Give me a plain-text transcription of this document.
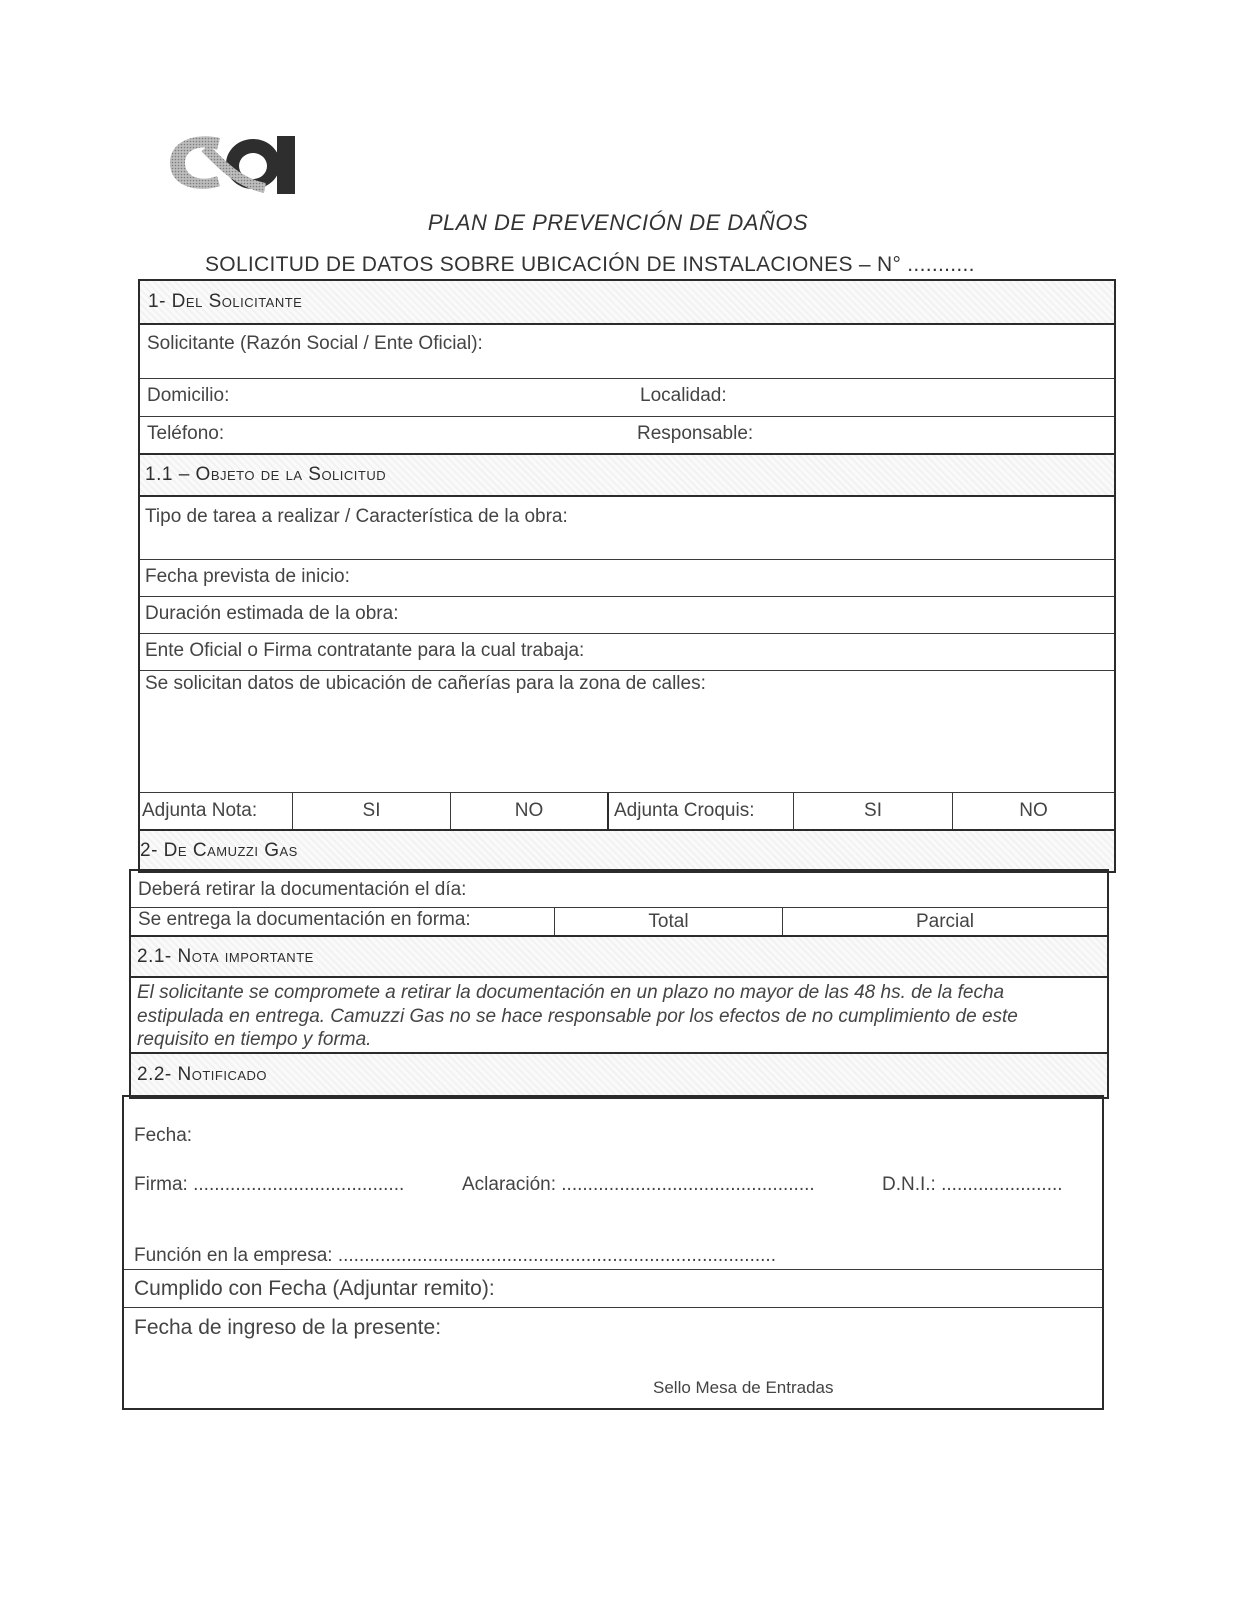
PLAN DE PREVENCIÓN DE DAÑOS
SOLICITUD DE DATOS SOBRE UBICACIÓN DE INSTALACIONES – N° ...........
1- Del Solicitante
Solicitante (Razón Social / Ente Oficial):
Domicilio:	Localidad:
Teléfono:	Responsable:
1.1 – Objeto de la Solicitud
Tipo de tarea a realizar / Característica de la obra:
Fecha prevista de inicio:
Duración estimada de la obra:
Ente Oficial o Firma contratante para la cual trabaja:
Se solicitan datos de ubicación de cañerías para la zona de calles:
Adjunta Nota:	SI	NO	Adjunta Croquis:	SI	NO
2- De Camuzzi Gas
Deberá retirar la documentación el día:
Se entrega la documentación en forma:	Total	Parcial
2.1- Nota importante
El solicitante se compromete a retirar la documentación en un plazo no mayor de las 48 hs. de la fecha
estipulada en entrega. Camuzzi Gas no se hace responsable por los efectos de no cumplimiento de este
requisito en tiempo y forma.
2.2- Notificado
Fecha:
Firma: ........................................	Aclaración: ................................................	D.N.I.: .......................
Función en la empresa: ...................................................................................
Cumplido con Fecha (Adjuntar remito):
Fecha de ingreso de la presente:
Sello Mesa de Entradas
